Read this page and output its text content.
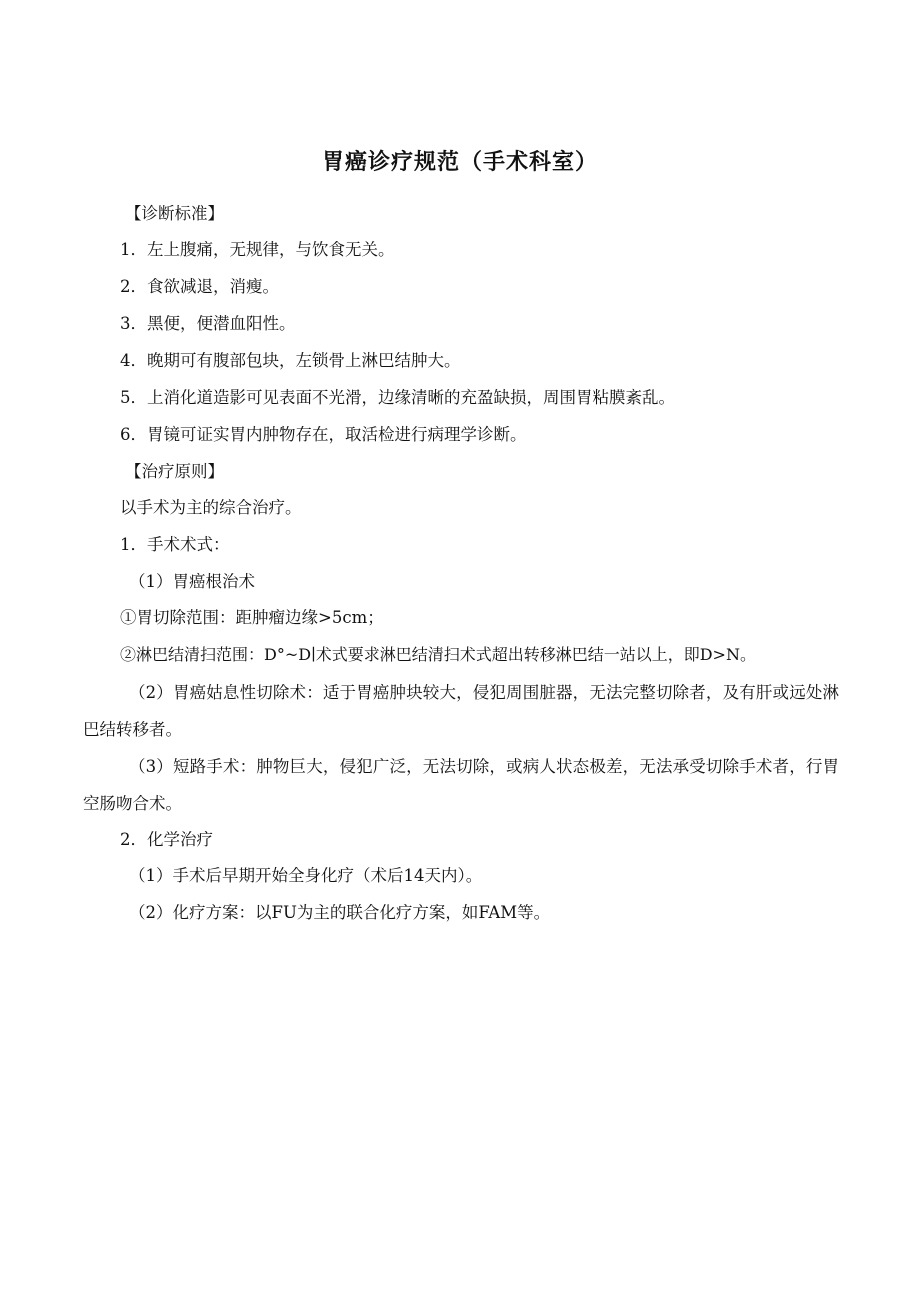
胃癌诊疗规范（手术科室）
【诊断标准】
1．左上腹痛，无规律，与饮食无关。
2．食欲减退，消瘦。
3．黑便，便潜血阳性。
4．晚期可有腹部包块，左锁骨上淋巴结肿大。
5．上消化道造影可见表面不光滑，边缘清晰的充盈缺损，周围胃粘膜紊乱。
6．胃镜可证实胃内肿物存在，取活检进行病理学诊断。
【治疗原则】
以手术为主的综合治疗。
1．手术术式：
（1）胃癌根治术
①胃切除范围：距肿瘤边缘>5cm；
②淋巴结清扫范围：D°~D∣术式要求淋巴结清扫术式超出转移淋巴结一站以上，即D>N。
（2）胃癌姑息性切除术：适于胃癌肿块较大，侵犯周围脏器，无法完整切除者，及有肝或远处淋巴结转移者。
（3）短路手术：肿物巨大，侵犯广泛，无法切除，或病人状态极差，无法承受切除手术者，行胃空肠吻合术。
2．化学治疗
（1）手术后早期开始全身化疗（术后14天内）。
（2）化疗方案：以FU为主的联合化疗方案，如FAM等。
